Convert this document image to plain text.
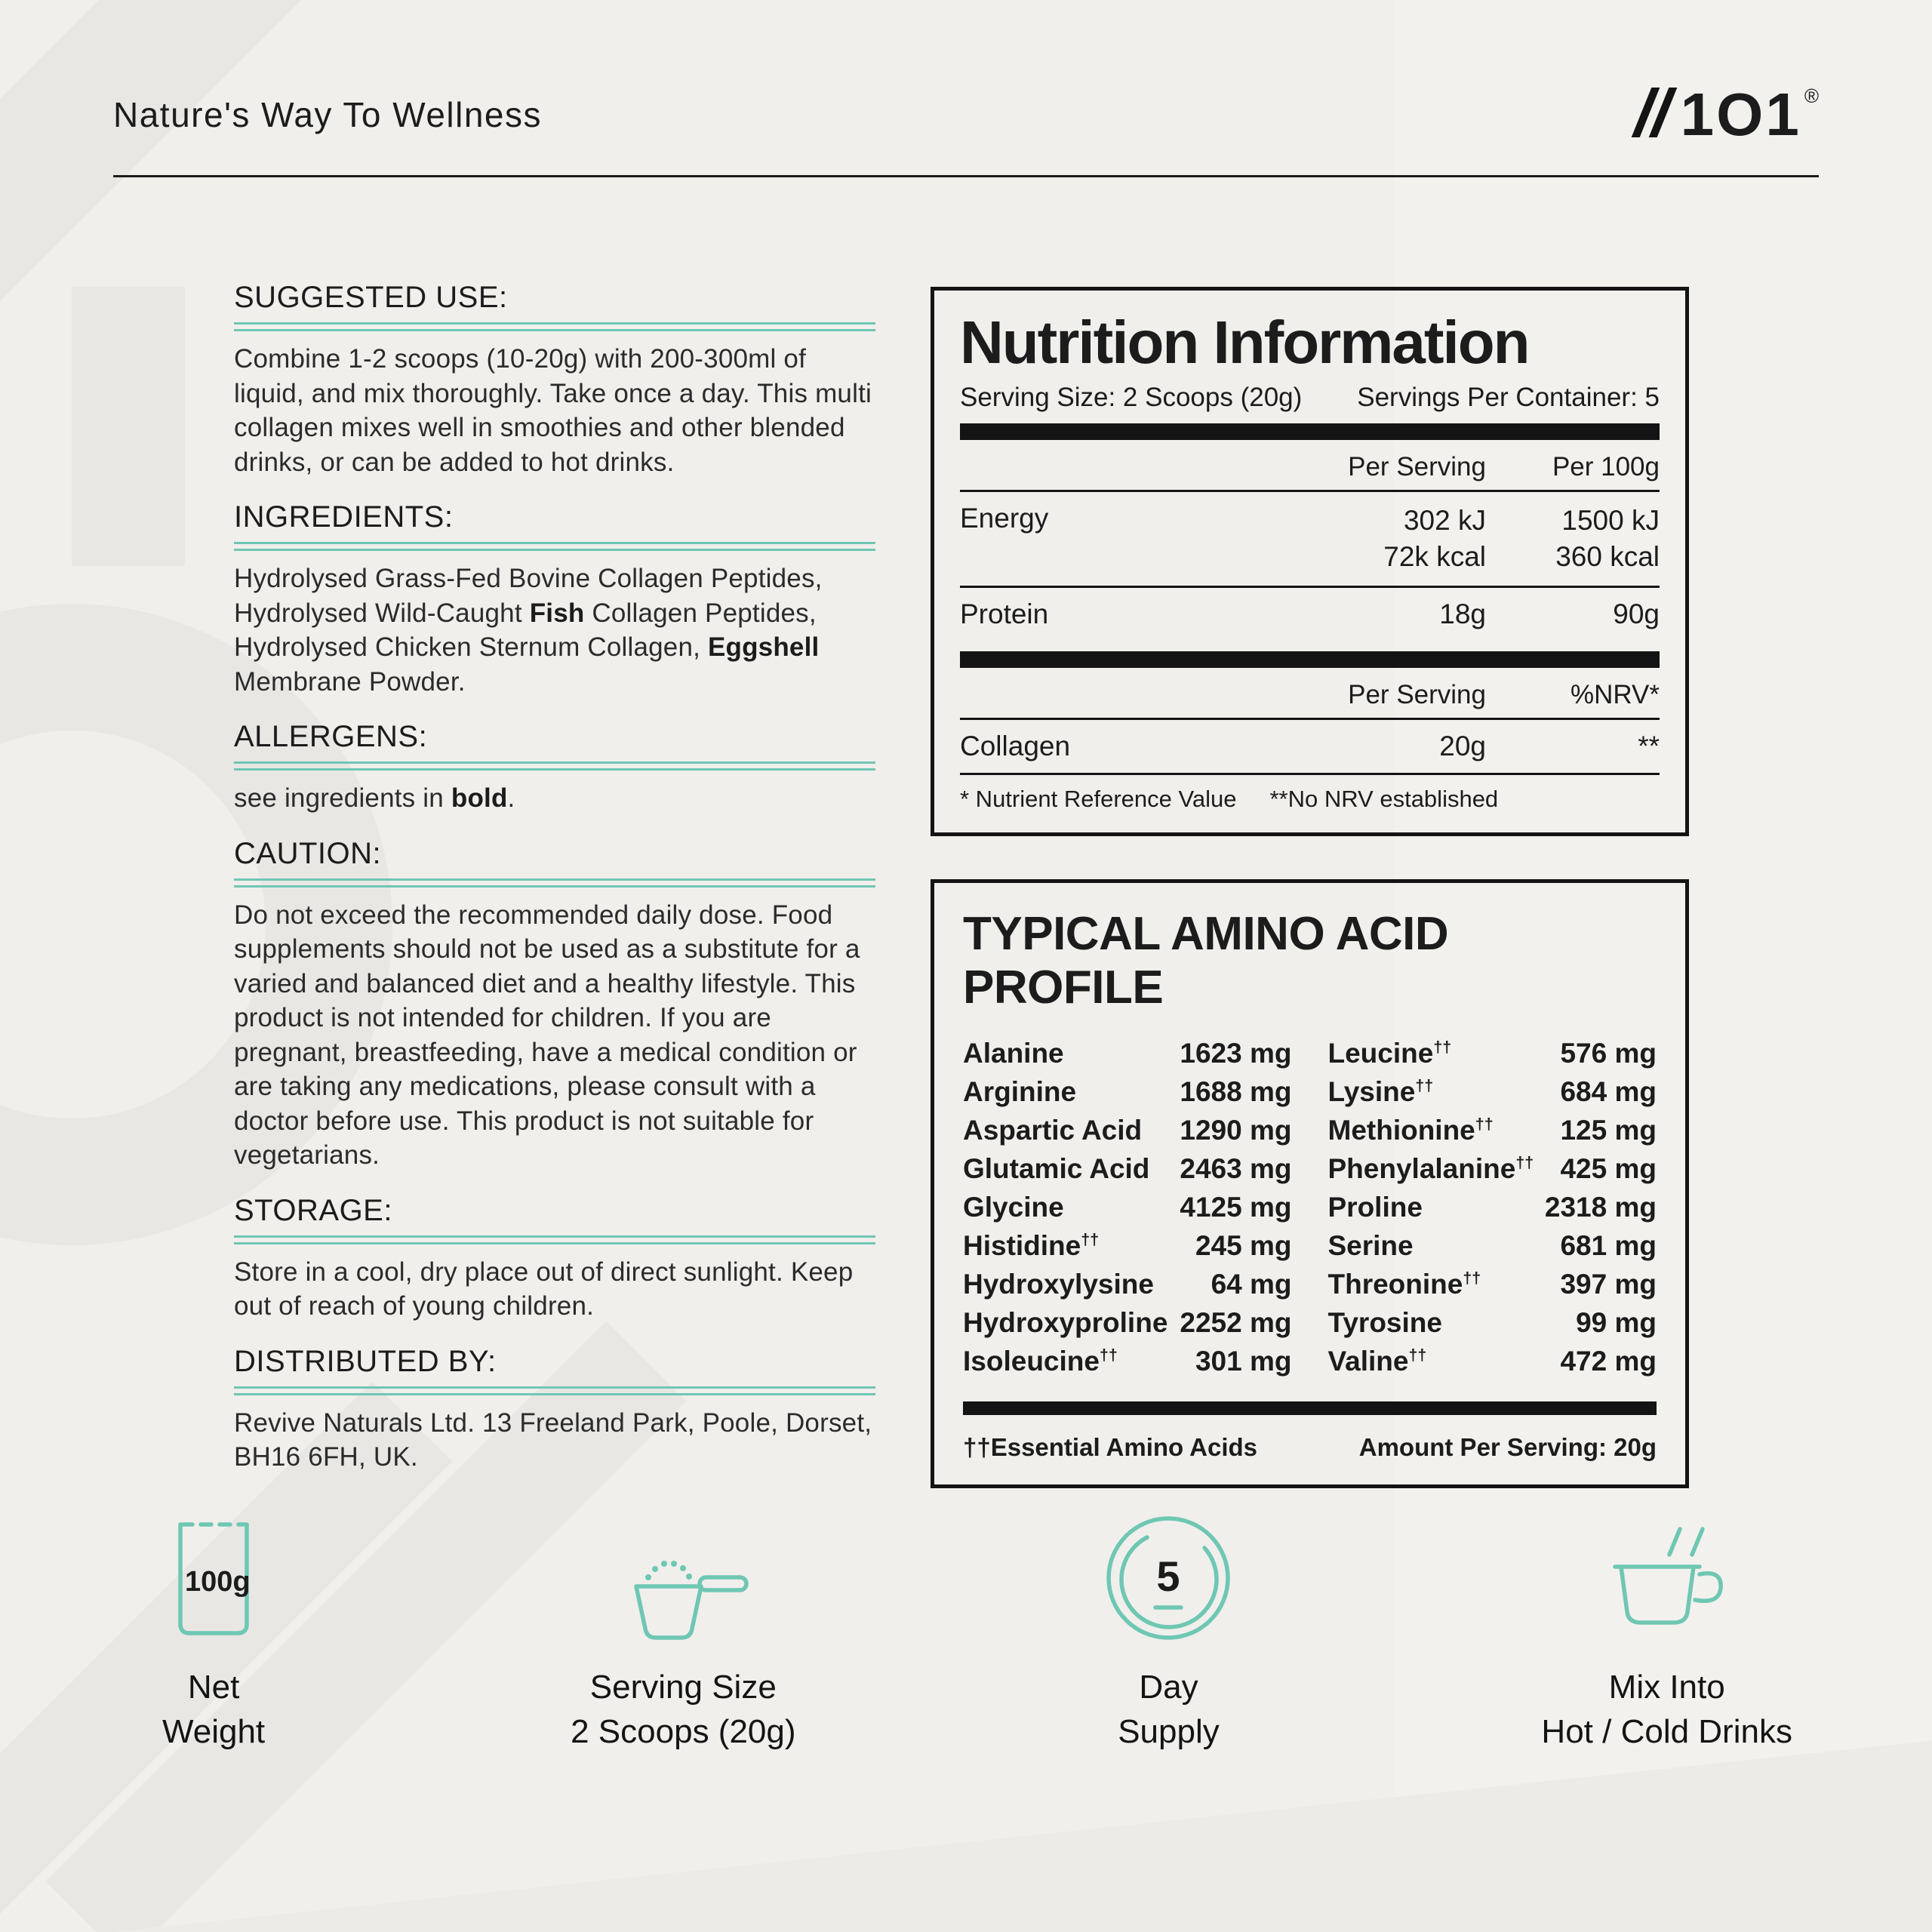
Nature's Way To Wellness	1O1 ®
SUGGESTED USE:

Combine 1-2 scoops (10-20g) with 200-300ml of liquid, and mix thoroughly. Take once a day. This multi collagen mixes well in smoothies and other blended drinks, or can be added to hot drinks.

INGREDIENTS:

Hydrolysed Grass-Fed Bovine Collagen Peptides, Hydrolysed Wild-Caught Fish Collagen Peptides, Hydrolysed Chicken Sternum Collagen, Eggshell Membrane Powder.

ALLERGENS:

see ingredients in bold.

CAUTION:

Do not exceed the recommended daily dose. Food supplements should not be used as a substitute for a varied and balanced diet and a healthy lifestyle. This product is not intended for children. If you are pregnant, breastfeeding, have a medical condition or are taking any medications, please consult with a doctor before use. This product is not suitable for vegetarians.

STORAGE:

Store in a cool, dry place out of direct sunlight. Keep out of reach of young children.

DISTRIBUTED BY:

Revive Naturals Ltd. 13 Freeland Park, Poole, Dorset, BH16 6FH, UK.

Nutrition Information
Serving Size: 2 Scoops (20g) Servings Per Container: 5
Per Serving	Per 100g
Energy	302 kJ
72k kcal
1500 kJ
360 kcal
Protein	18g	90g
Per Serving	%NRV*
Collagen	20g	**
* Nutrient Reference Value **No NRV established
TYPICAL AMINO ACID PROFILE
Alanine	1623 mg Leucine††	576 mg
Arginine	1688 mg Lysine††	684 mg
Aspartic Acid 1290 mg Methionine†† 125 mg
Glutamic Acid 2463 mg Phenylalanine†† 425 mg
Glycine	4125 mg Proline	2318 mg
Histidine††	245 mg Serine	681 mg
Hydroxylysine 64 mg Threonine††	397 mg
Hydroxyproline 2252 mg Tyrosine	99 mg
Isoleucine††	301 mg Valine††	472 mg
††Essential Amino Acids	Amount Per Serving: 20g
100g
Net
Weight
Serving Size
2 Scoops (20g)
5
Day
Supply
Mix Into
Hot / Cold Drinks
